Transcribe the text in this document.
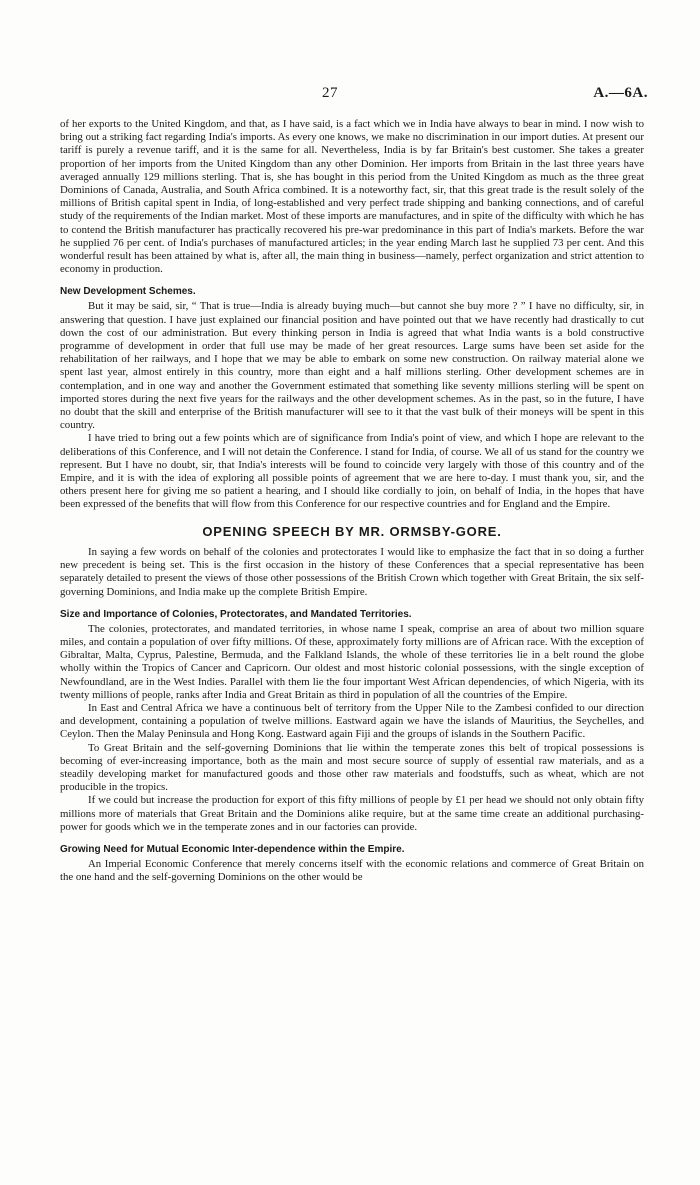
27	A.—6A.

of her exports to the United Kingdom, and that, as I have said, is a fact which we in India have always to bear in mind. I now wish to bring out a striking fact regarding India's imports. As every one knows, we make no discrimination in our import duties. At present our tariff is purely a revenue tariff, and it is the same for all. Nevertheless, India is by far Britain's best customer. She takes a greater proportion of her imports from the United Kingdom than any other Dominion. Her imports from Britain in the last three years have averaged annually 129 millions sterling. That is, she has bought in this period from the United Kingdom as much as the three great Dominions of Canada, Australia, and South Africa combined. It is a noteworthy fact, sir, that this great trade is the result solely of the millions of British capital spent in India, of long-established and very perfect trade shipping and banking connections, and of careful study of the requirements of the Indian market. Most of these imports are manufactures, and in spite of the difficulty with which he has to contend the British manufacturer has practically recovered his pre-war predominance in this part of India's markets. Before the war he supplied 76 per cent. of India's purchases of manufactured articles; in the year ending March last he supplied 73 per cent. And this wonderful result has been attained by what is, after all, the main thing in business—namely, perfect organization and strict attention to economy in production.

New Development Schemes.

But it may be said, sir, “ That is true—India is already buying much—but cannot she buy more ? ” I have no difficulty, sir, in answering that question. I have just explained our financial position and have pointed out that we have recently had drastically to cut down the cost of our administration. But every thinking person in India is agreed that what India wants is a bold constructive programme of development in order that full use may be made of her great resources. Large sums have been set aside for the rehabilitation of her railways, and I hope that we may be able to embark on some new construction. On railway material alone we spent last year, almost entirely in this country, more than eight and a half millions sterling. Other development schemes are in contemplation, and in one way and another the Government estimated that something like seventy millions sterling will be spent on imported stores during the next five years for the railways and the other development schemes. As in the past, so in the future, I have no doubt that the skill and enterprise of the British manufacturer will see to it that the vast bulk of their moneys will be spent in this country.

I have tried to bring out a few points which are of significance from India's point of view, and which I hope are relevant to the deliberations of this Conference, and I will not detain the Conference. I stand for India, of course. We all of us stand for the country we represent. But I have no doubt, sir, that India's interests will be found to coincide very largely with those of this country and of the Empire, and it is with the idea of exploring all possible points of agreement that we are here to-day. I must thank you, sir, and the others present here for giving me so patient a hearing, and I should like cordially to join, on behalf of India, in the hopes that have been expressed of the benefits that will flow from this Conference for our respective countries and for England and the Empire.

OPENING SPEECH BY MR. ORMSBY-GORE.

In saying a few words on behalf of the colonies and protectorates I would like to emphasize the fact that in so doing a further new precedent is being set. This is the first occasion in the history of these Conferences that a special representative has been separately detailed to present the views of those other possessions of the British Crown which together with Great Britain, the six self-governing Dominions, and India make up the complete British Empire.

Size and Importance of Colonies, Protectorates, and Mandated Territories.

The colonies, protectorates, and mandated territories, in whose name I speak, comprise an area of about two million square miles, and contain a population of over fifty millions. Of these, approximately forty millions are of African race. With the exception of Gibraltar, Malta, Cyprus, Palestine, Bermuda, and the Falkland Islands, the whole of these territories lie in a belt round the globe wholly within the Tropics of Cancer and Capricorn. Our oldest and most historic colonial possessions, with the single exception of Newfoundland, are in the West Indies. Parallel with them lie the four important West African dependencies, of which Nigeria, with its twenty millions of people, ranks after India and Great Britain as third in population of all the countries of the Empire.

In East and Central Africa we have a continuous belt of territory from the Upper Nile to the Zambesi confided to our direction and development, containing a population of twelve millions. Eastward again we have the islands of Mauritius, the Seychelles, and Ceylon. Then the Malay Peninsula and Hong Kong. Eastward again Fiji and the groups of islands in the Southern Pacific.

To Great Britain and the self-governing Dominions that lie within the temperate zones this belt of tropical possessions is becoming of ever-increasing importance, both as the main and most secure source of supply of essential raw materials, and as a steadily developing market for manufactured goods and those other raw materials and foodstuffs, such as wheat, which are not producible in the tropics.

If we could but increase the production for export of this fifty millions of people by £1 per head we should not only obtain fifty millions more of materials that Great Britain and the Dominions alike require, but at the same time create an additional purchasing-power for goods which we in the temperate zones and in our factories can provide.

Growing Need for Mutual Economic Inter-dependence within the Empire.

An Imperial Economic Conference that merely concerns itself with the economic relations and commerce of Great Britain on the one hand and the self-governing Dominions on the other would be
